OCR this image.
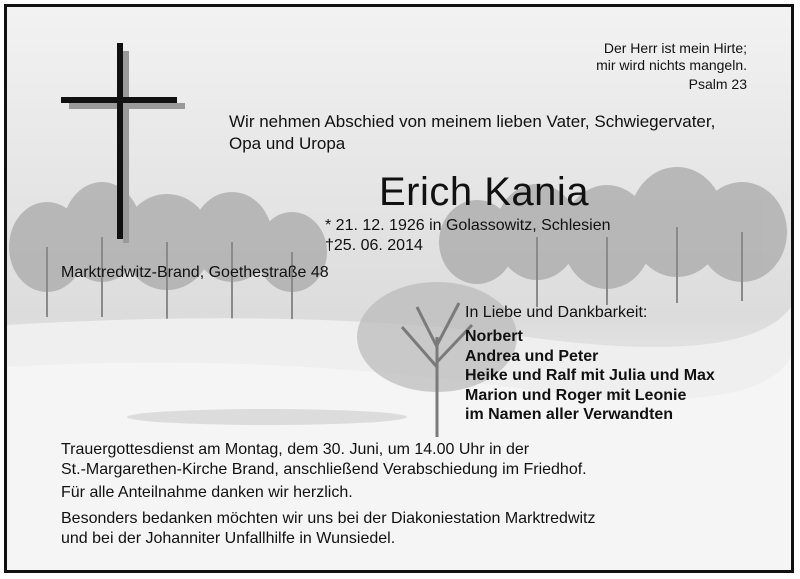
Der Herr ist mein Hirte;
mir wird nichts mangeln.
Psalm 23
Wir nehmen Abschied von meinem lieben Vater, Schwiegervater,
Opa und Uropa
Erich Kania
* 21. 12. 1926 in Golassowitz, Schlesien
†25. 06. 2014
Marktredwitz-Brand, Goethestraße 48
In Liebe und Dankbarkeit:
Norbert
Andrea und Peter
Heike und Ralf mit Julia und Max
Marion und Roger mit Leonie
im Namen aller Verwandten
Trauergottesdienst am Montag, dem 30. Juni, um 14.00 Uhr in der
St.-Margarethen-Kirche Brand, anschließend Verabschiedung im Friedhof.
Für alle Anteilnahme danken wir herzlich.
Besonders bedanken möchten wir uns bei der Diakoniestation Marktredwitz
und bei der Johanniter Unfallhilfe in Wunsiedel.
